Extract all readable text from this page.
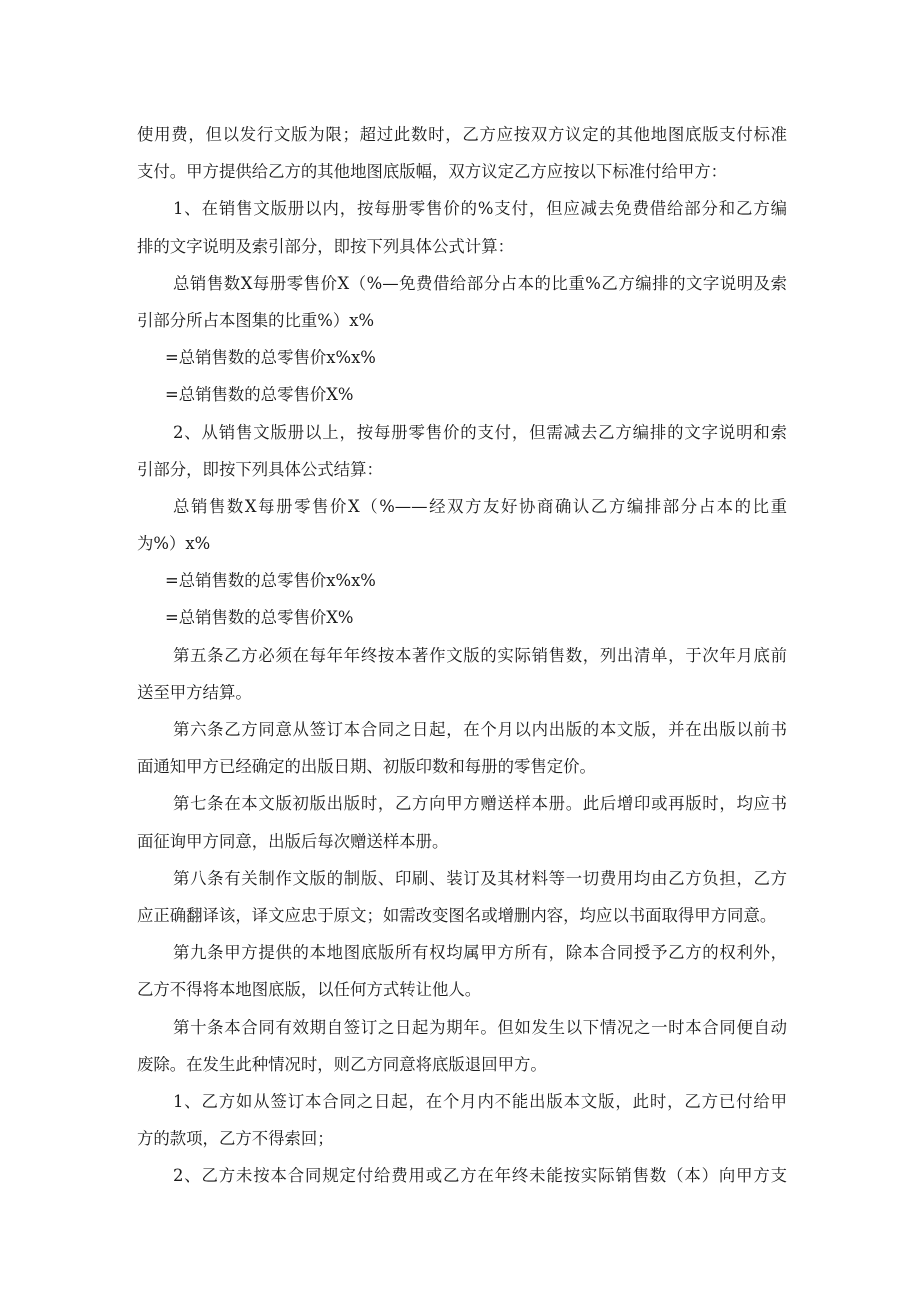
使用费，但以发行文版为限；超过此数时，乙方应按双方议定的其他地图底版支付标准

支付。甲方提供给乙方的其他地图底版幅，双方议定乙方应按以下标准付给甲方：

1、在销售文版册以内，按每册零售价的%支付，但应减去免费借给部分和乙方编

排的文字说明及索引部分，即按下列具体公式计算：

总销售数X每册零售价X（%—免费借给部分占本的比重%乙方编排的文字说明及索

引部分所占本图集的比重%）x%

=总销售数的总零售价x%x%

=总销售数的总零售价X%

2、从销售文版册以上，按每册零售价的支付，但需减去乙方编排的文字说明和索

引部分，即按下列具体公式结算：

总销售数X每册零售价X（%——经双方友好协商确认乙方编排部分占本的比重

为%）x%

=总销售数的总零售价x%x%

=总销售数的总零售价X%

第五条乙方必须在每年年终按本著作文版的实际销售数，列出清单，于次年月底前

送至甲方结算。

第六条乙方同意从签订本合同之日起，在个月以内出版的本文版，并在出版以前书

面通知甲方已经确定的出版日期、初版印数和每册的零售定价。

第七条在本文版初版出版时，乙方向甲方赠送样本册。此后增印或再版时，均应书

面征询甲方同意，出版后每次赠送样本册。

第八条有关制作文版的制版、印刷、装订及其材料等一切费用均由乙方负担，乙方

应正确翻译该，译文应忠于原文；如需改变图名或增删内容，均应以书面取得甲方同意。

第九条甲方提供的本地图底版所有权均属甲方所有，除本合同授予乙方的权利外，

乙方不得将本地图底版，以任何方式转让他人。

第十条本合同有效期自签订之日起为期年。但如发生以下情况之一时本合同便自动

废除。在发生此种情况时，则乙方同意将底版退回甲方。

1、乙方如从签订本合同之日起，在个月内不能出版本文版，此时，乙方已付给甲

方的款项，乙方不得索回；

2、乙方未按本合同规定付给费用或乙方在年终未能按实际销售数（本）向甲方支
